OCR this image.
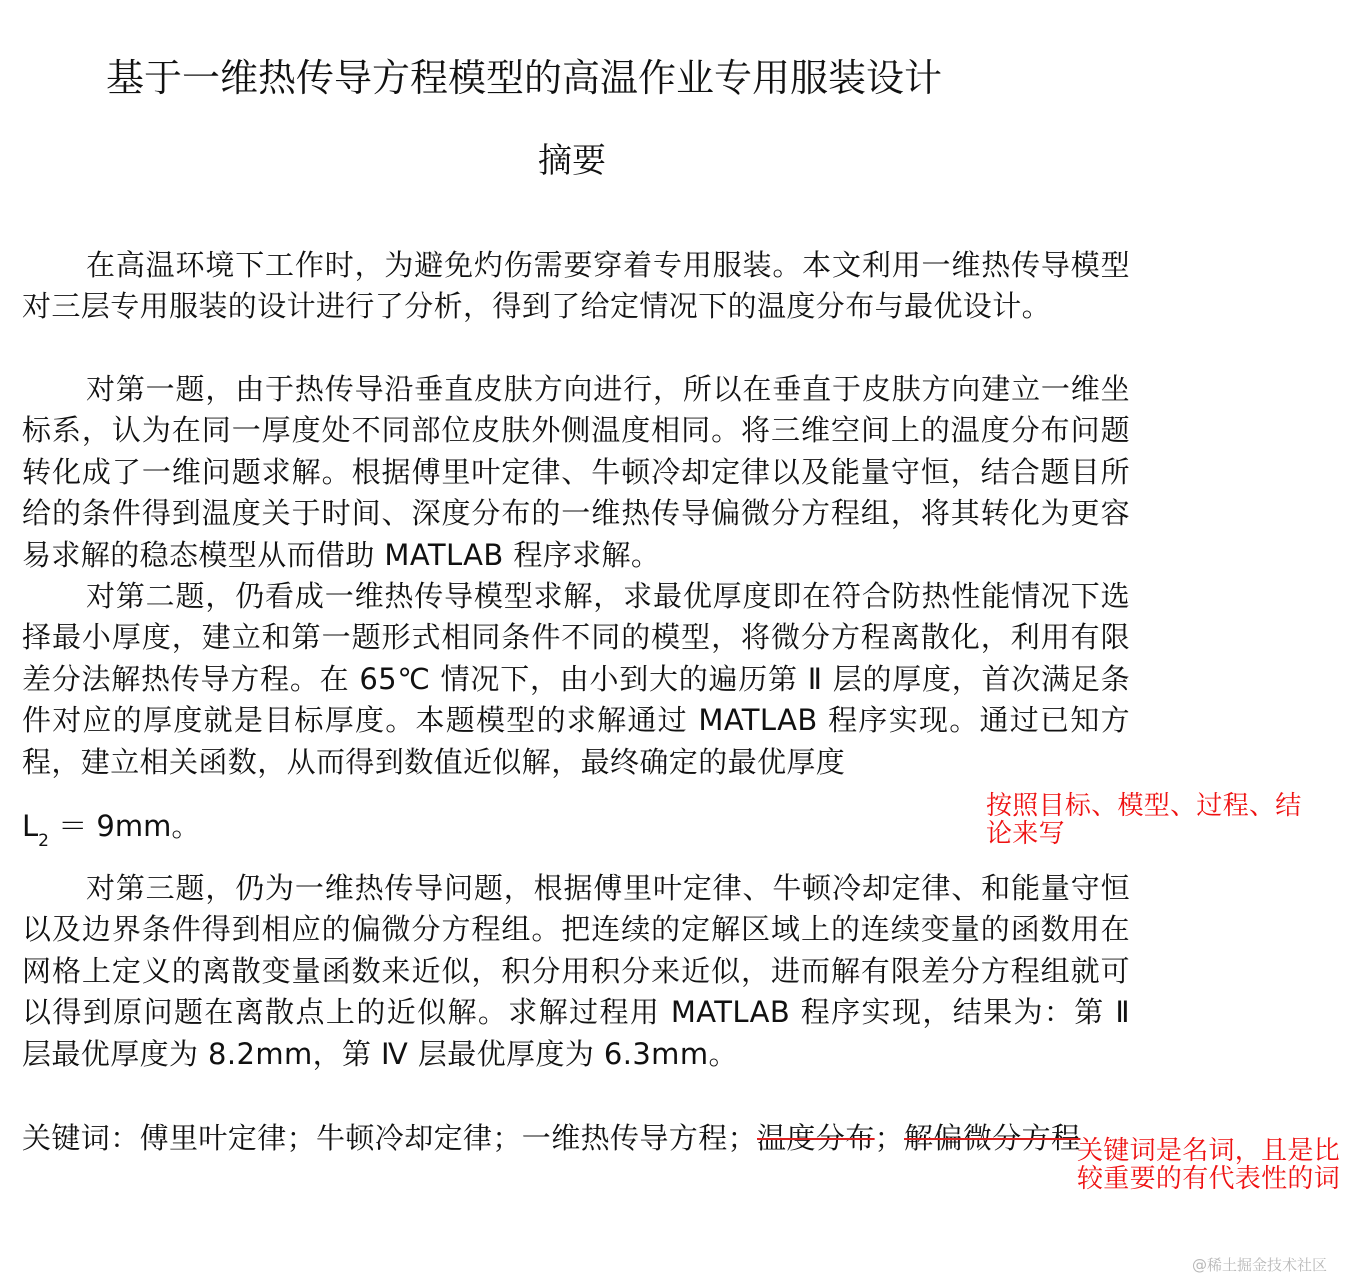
基于一维热传导方程模型的高温作业专用服装设计
摘要

在高温环境下工作时，为避免灼伤需要穿着专用服装。本文利用一维热传导模型对三层专用服装的设计进行了分析，得到了给定情况下的温度分布与最优设计。

对第一题，由于热传导沿垂直皮肤方向进行，所以在垂直于皮肤方向建立一维坐标系，认为在同一厚度处不同部位皮肤外侧温度相同。将三维空间上的温度分布问题转化成了一维问题求解。根据傅里叶定律、牛顿冷却定律以及能量守恒，结合题目所给的条件得到温度关于时间、深度分布的一维热传导偏微分方程组，将其转化为更容易求解的稳态模型从而借助 MATLAB 程序求解。

对第二题，仍看成一维热传导模型求解，求最优厚度即在符合防热性能情况下选择最小厚度，建立和第一题形式相同条件不同的模型，将微分方程离散化，利用有限差分法解热传导方程。在 65℃ 情况下，由小到大的遍历第 Ⅱ 层的厚度，首次满足条件对应的厚度就是目标厚度。本题模型的求解通过 MATLAB 程序实现。通过已知方程，建立相关函数，从而得到数值近似解，最终确定的最优厚度

$L_2 = 9mm$。

对第三题，仍为一维热传导问题，根据傅里叶定律、牛顿冷却定律、和能量守恒以及边界条件得到相应的偏微分方程组。把连续的定解区域上的连续变量的函数用在网格上定义的离散变量函数来近似，积分用积分来近似，进而解有限差分方程组就可以得到原问题在离散点上的近似解。求解过程用 MATLAB 程序实现，结果为：第 Ⅱ 层最优厚度为 8.2mm，第 Ⅳ 层最优厚度为 6.3mm。

关键词：傅里叶定律；牛顿冷却定律；一维热传导方程；温度分布；解偏微分方程

按照目标、模型、过程、结论来写
关键词是名词，且是比较重要的有代表性的词
@稀土掘金技术社区
